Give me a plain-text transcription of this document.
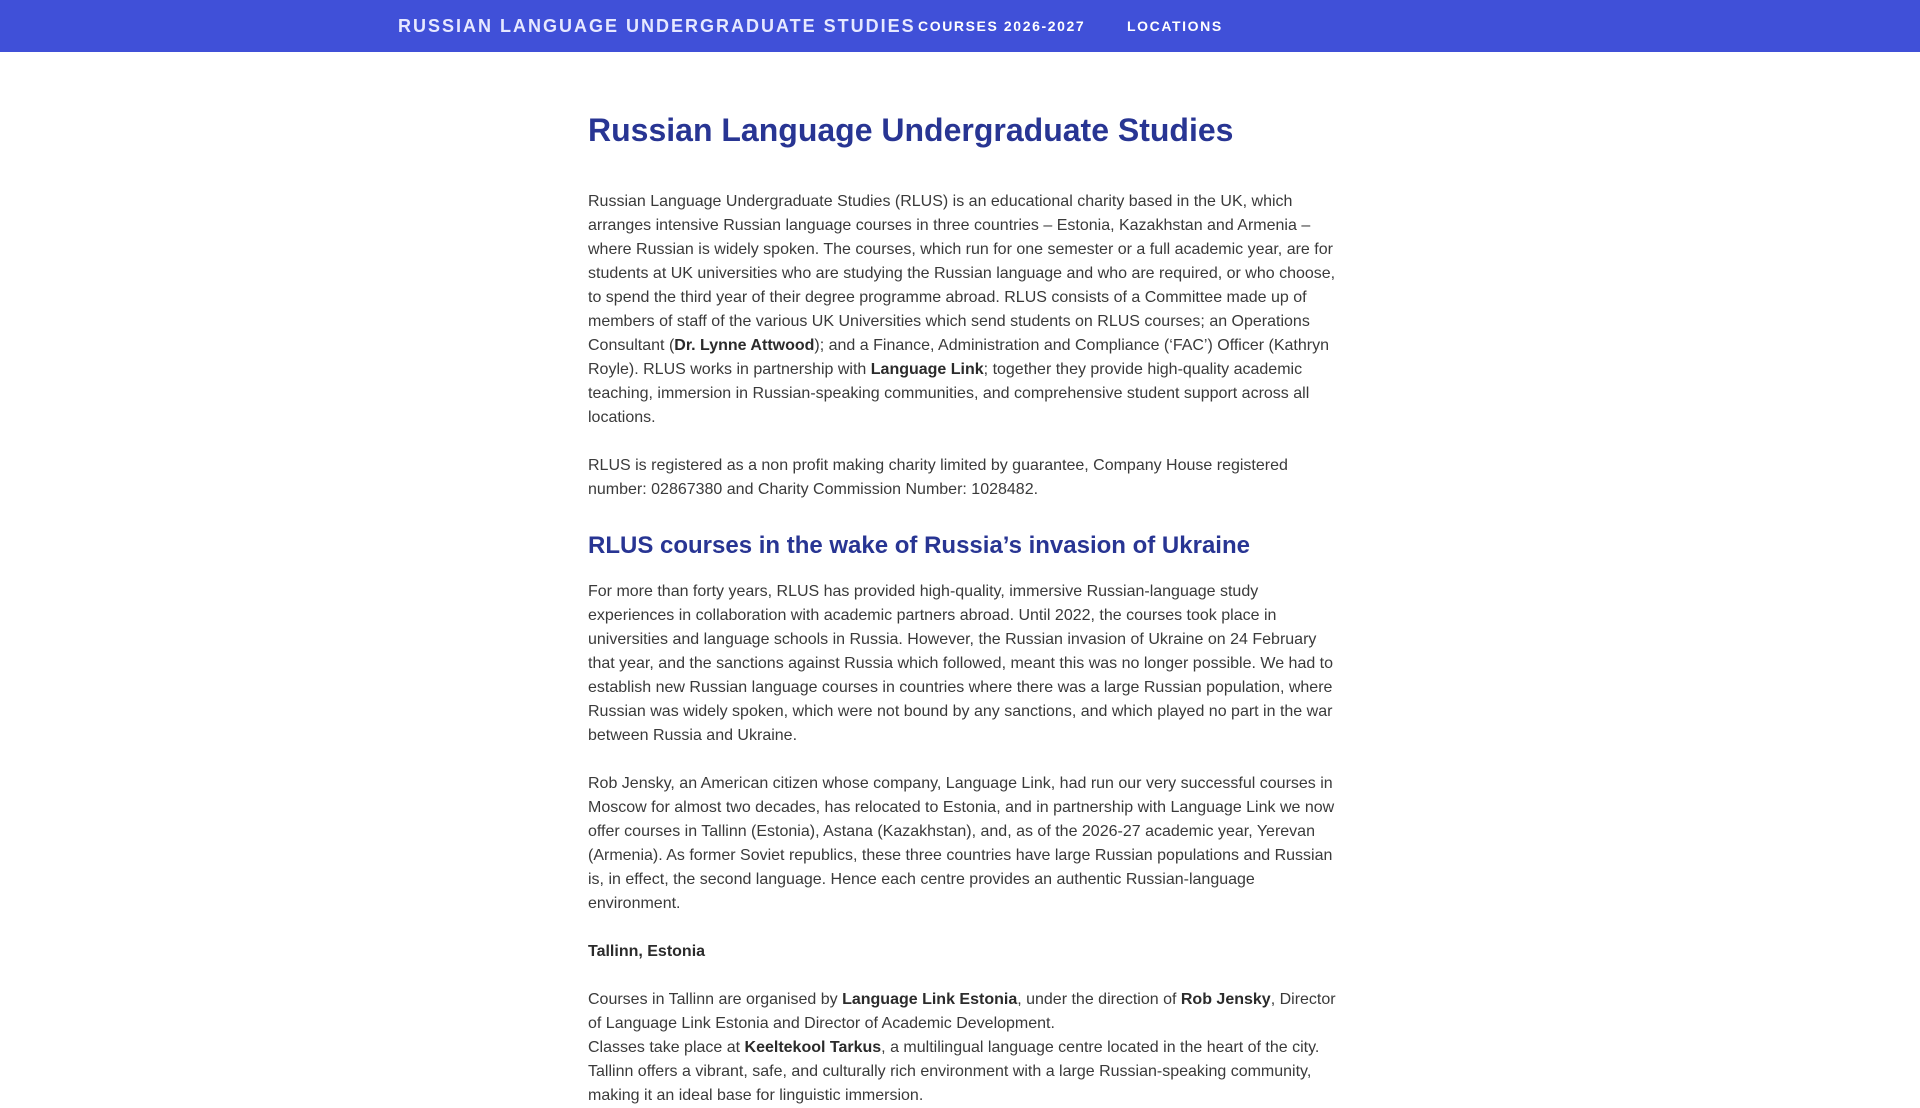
RUSSIAN LANGUAGE UNDERGRADUATE STUDIES COURSES 2026-2027	LOCATIONS
Russian Language Undergraduate Studies

Russian Language Undergraduate Studies (RLUS) is an educational charity based in the UK, which arranges intensive Russian language courses in three countries – Estonia, Kazakhstan and Armenia – where Russian is widely spoken. The courses, which run for one semester or a full academic year, are for students at UK universities who are studying the Russian language and who are required, or who choose, to spend the third year of their degree programme abroad. RLUS consists of a Committee made up of members of staff of the various UK Universities which send students on RLUS courses; an Operations Consultant (Dr. Lynne Attwood); and a Finance, Administration and Compliance (‘FAC’) Officer (Kathryn Royle). RLUS works in partnership with Language Link; together they provide high-quality academic teaching, immersion in Russian-speaking communities, and comprehensive student support across all locations.

RLUS is registered as a non profit making charity limited by guarantee, Company House registered number: 02867380 and Charity Commission Number: 1028482.

RLUS courses in the wake of Russia’s invasion of Ukraine

For more than forty years, RLUS has provided high-quality, immersive Russian-language study experiences in collaboration with academic partners abroad. Until 2022, the courses took place in universities and language schools in Russia. However, the Russian invasion of Ukraine on 24 February that year, and the sanctions against Russia which followed, meant this was no longer possible. We had to establish new Russian language courses in countries where there was a large Russian population, where Russian was widely spoken, which were not bound by any sanctions, and which played no part in the war between Russia and Ukraine.

Rob Jensky, an American citizen whose company, Language Link, had run our very successful courses in Moscow for almost two decades, has relocated to Estonia, and in partnership with Language Link we now offer courses in Tallinn (Estonia), Astana (Kazakhstan), and, as of the 2026-27 academic year, Yerevan (Armenia). As former Soviet republics, these three countries have large Russian populations and Russian is, in effect, the second language. Hence each centre provides an authentic Russian-language environment.

Tallinn, Estonia

Courses in Tallinn are organised by Language Link Estonia, under the direction of Rob Jensky, Director of Language Link Estonia and Director of Academic Development.

Classes take place at Keeltekool Tarkus, a multilingual language centre located in the heart of the city. Tallinn offers a vibrant, safe, and culturally rich environment with a large Russian-speaking community, making it an ideal base for linguistic immersion.
